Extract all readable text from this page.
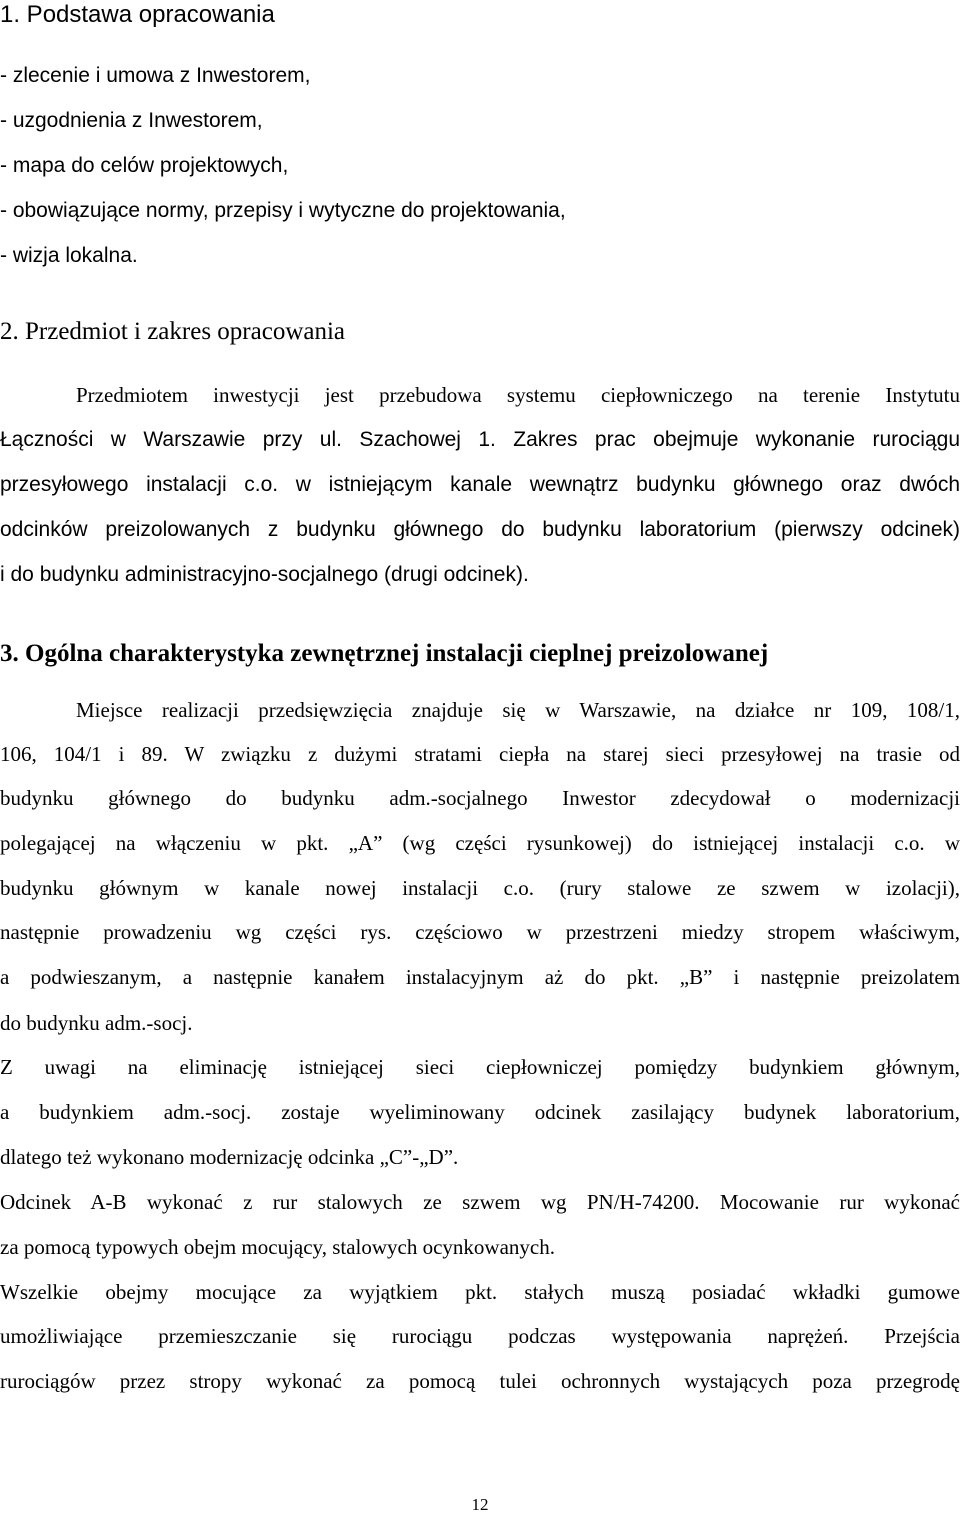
1. Podstawa opracowania
- zlecenie i umowa z Inwestorem,
- uzgodnienia z Inwestorem,
- mapa do celów projektowych,
- obowiązujące normy, przepisy i wytyczne do projektowania,
- wizja lokalna.
2. Przedmiot i zakres opracowania
Przedmiotem inwestycji jest przebudowa systemu ciepłowniczego na terenie Instytutu
Łączności w Warszawie przy ul. Szachowej 1. Zakres prac obejmuje wykonanie rurociągu
przesyłowego instalacji c.o. w istniejącym kanale wewnątrz budynku głównego oraz dwóch
odcinków preizolowanych z budynku głównego do budynku laboratorium (pierwszy odcinek)
i do budynku administracyjno-socjalnego (drugi odcinek).
3. Ogólna charakterystyka zewnętrznej instalacji cieplnej preizolowanej
Miejsce realizacji przedsięwzięcia znajduje się w Warszawie, na działce nr 109, 108/1,
106, 104/1 i 89. W związku z dużymi stratami ciepła na starej sieci przesyłowej na trasie od
budynku głównego do budynku adm.-socjalnego Inwestor zdecydował o modernizacji
polegającej na włączeniu w pkt. „A” (wg części rysunkowej) do istniejącej instalacji c.o. w
budynku głównym w kanale nowej instalacji c.o. (rury stalowe ze szwem w izolacji),
następnie prowadzeniu wg części rys. częściowo w przestrzeni miedzy stropem właściwym,
a podwieszanym, a następnie kanałem instalacyjnym aż do pkt. „B” i następnie preizolatem
do budynku adm.-socj.
Z uwagi na eliminację istniejącej sieci ciepłowniczej pomiędzy budynkiem głównym,
a budynkiem adm.-socj. zostaje wyeliminowany odcinek zasilający budynek laboratorium,
dlatego też wykonano modernizację odcinka „C”-„D”.
Odcinek A-B wykonać z rur stalowych ze szwem wg PN/H-74200. Mocowanie rur wykonać
za pomocą typowych obejm mocujący, stalowych ocynkowanych.
Wszelkie obejmy mocujące za wyjątkiem pkt. stałych muszą posiadać wkładki gumowe
umożliwiające przemieszczanie się rurociągu podczas występowania naprężeń. Przejścia
rurociągów przez stropy wykonać za pomocą tulei ochronnych wystających poza przegrodę
12
